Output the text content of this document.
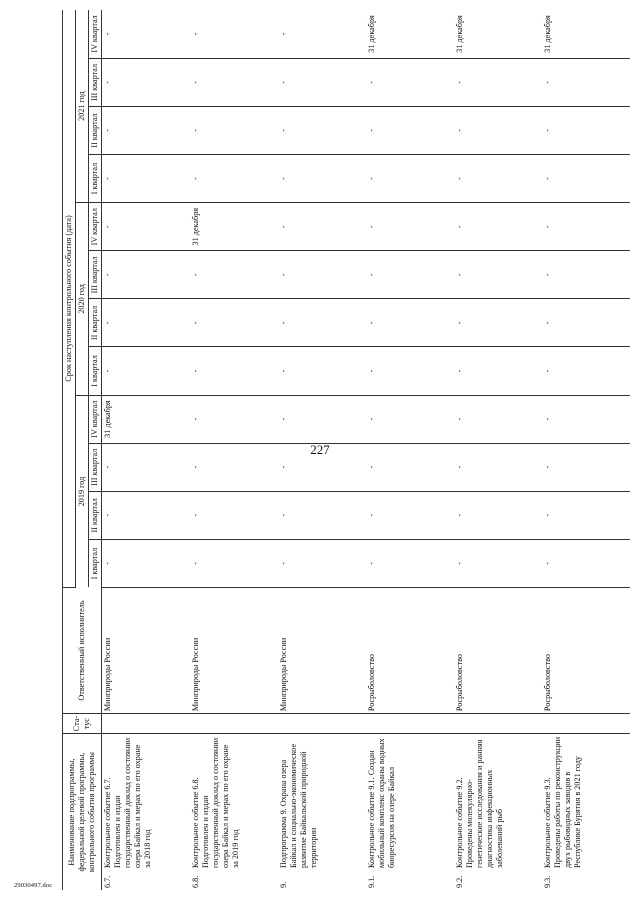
227
Наименование подпрограммы, федеральной целевой программы, контрольного события программы	Ста-тус	Ответственный исполнитель	Срок наступления контрольного события (дата)											
			2019 год				2020 год				2021 год			
			I квартал	II квартал	III квартал	IV квартал	I квартал	II квартал	III квартал	IV квартал	I квартал	II квартал	III квартал	IV квартал

6.7.
Контрольное событие 6.7. Подготовлен и издан государственный доклад о состоянии озера Байкал и мерах по его охране за 2018 год		Минприроды России	-	-	-	31 декабря	-	-	-	-	-	-	-	-

6.8.
Контрольное событие 6.8. Подготовлен и издан государственный доклад о состоянии озера Байкал и мерах по его охране за 2019 год		Минприроды России	-	-	-	-	-	-	-	31 декабря	-	-	-	-

9.
Подпрограмма 9. Охрана озера Байкал и социально-экономическое развитие Байкальской природной территории		Минприроды России	-	-	-	-	-	-	-	-	-	-	-	-

9.1.
Контрольное событие 9.1. Создан мобильный комплекс охраны водных биоресурсов на озере Байкал		Росрыболовство	-	-	-	-	-	-	-	-	-	-	-	31 декабря

9.2.
Контрольное событие 9.2. Проведены молекулярно-генетические исследования и ранняя диагностика инфекционных заболеваний рыб		Росрыболовство	-	-	-	-	-	-	-	-	-	-	-	31 декабря

9.3.
Контрольное событие 9.3. Проведены работы по реконструкции двух рыбоводных заводов в Республике Бурятия в 2021 году		Росрыболовство	-	-	-	-	-	-	-	-	-	-	-	31 декабря
29030497.doc
